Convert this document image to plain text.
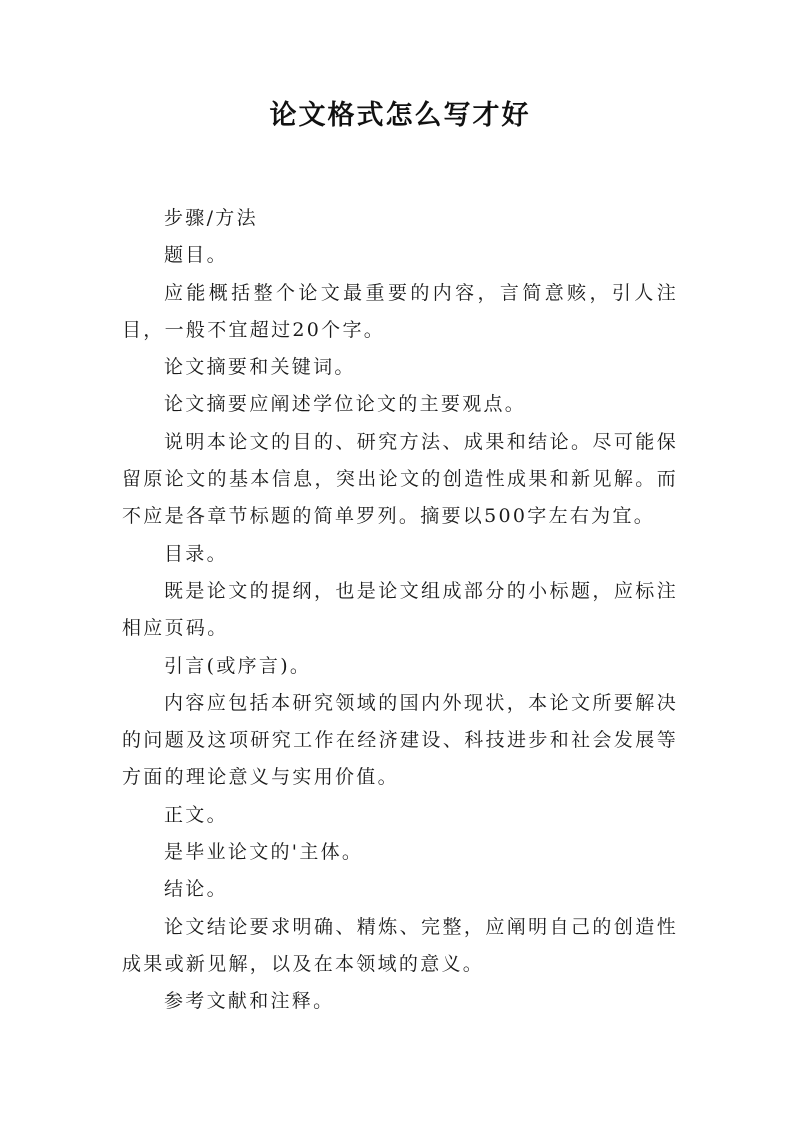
论文格式怎么写才好

步骤/方法

题目。

应能概括整个论文最重要的内容，言简意赅，引人注目，一般不宜超过20个字。

论文摘要和关键词。

论文摘要应阐述学位论文的主要观点。

说明本论文的目的、研究方法、成果和结论。尽可能保留原论文的基本信息，突出论文的创造性成果和新见解。而不应是各章节标题的简单罗列。摘要以500字左右为宜。

目录。

既是论文的提纲，也是论文组成部分的小标题，应标注相应页码。

引言(或序言)。

内容应包括本研究领域的国内外现状，本论文所要解决的问题及这项研究工作在经济建设、科技进步和社会发展等方面的理论意义与实用价值。

正文。

是毕业论文的'主体。

结论。

论文结论要求明确、精炼、完整，应阐明自己的创造性成果或新见解，以及在本领域的意义。

参考文献和注释。
